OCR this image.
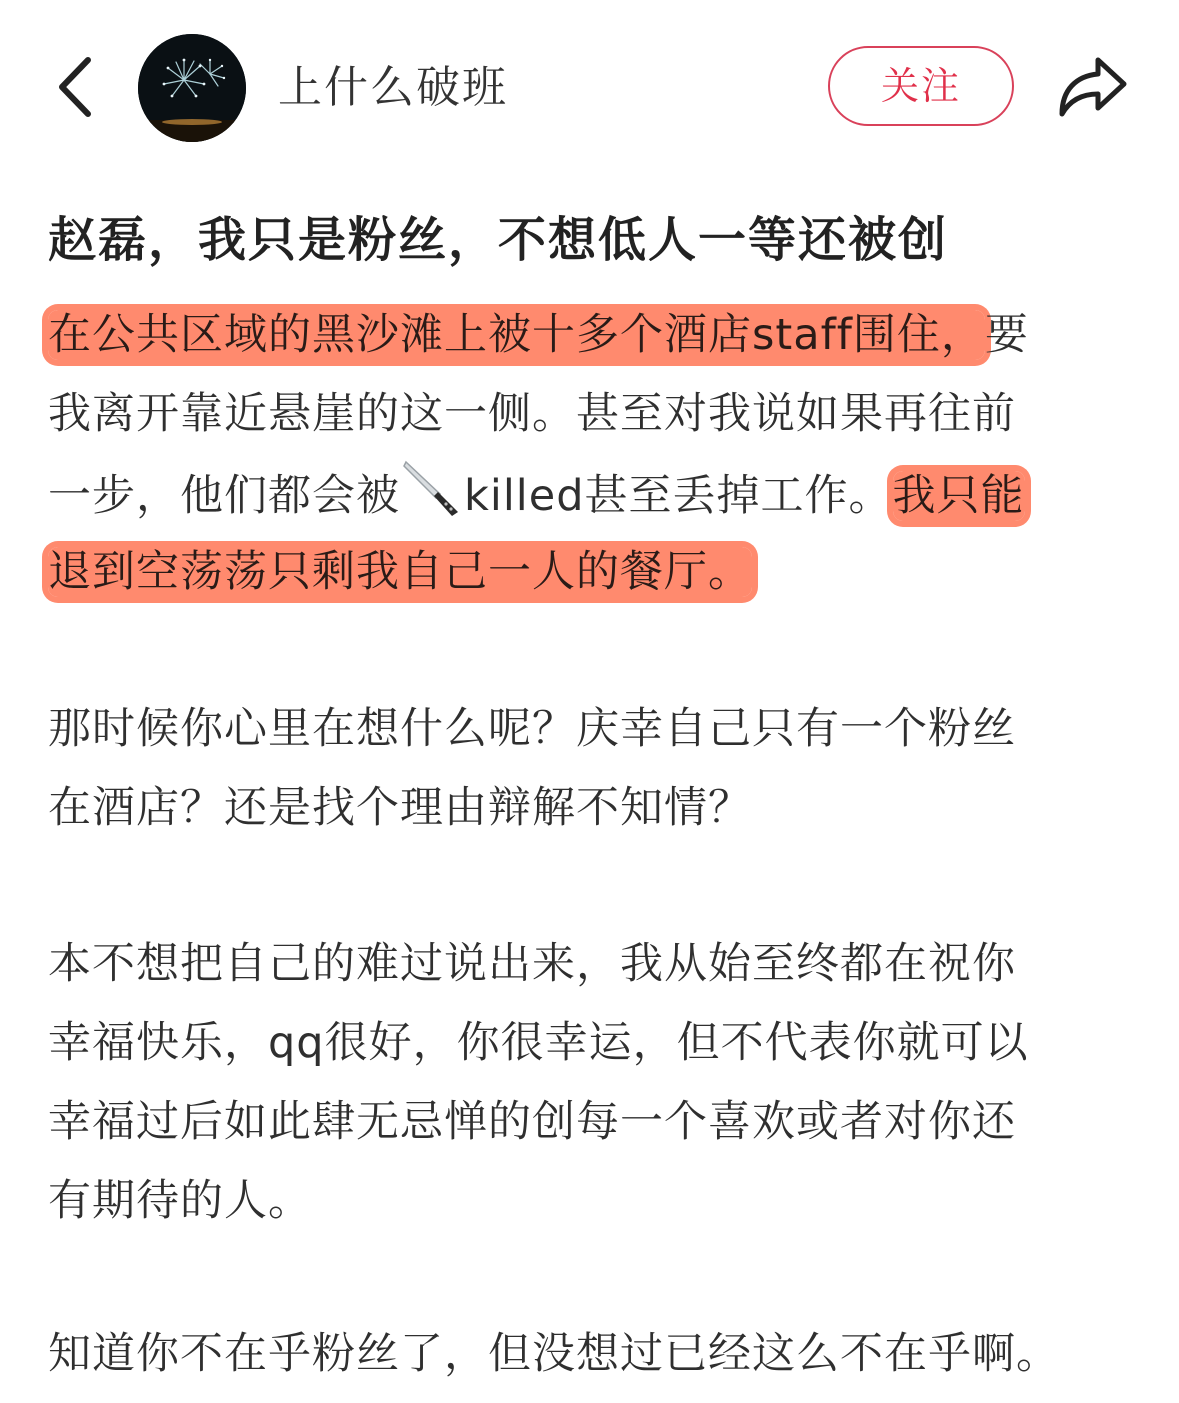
上什么破班	关注
赵磊，我只是粉丝，不想低人一等还被创
在公共区域的黑沙滩上被十多个酒店staff围住，要
我离开靠近悬崖的这一侧。甚至对我说如果再往前
一步，他们都会被 killed甚至丢掉工作。我只能
退到空荡荡只剩我自己一人的餐厅。
那时候你心里在想什么呢？庆幸自己只有一个粉丝
在酒店？还是找个理由辩解不知情？
本不想把自己的难过说出来，我从始至终都在祝你
幸福快乐，qq很好，你很幸运，但不代表你就可以
幸福过后如此肆无忌惮的创每一个喜欢或者对你还
有期待的人。
知道你不在乎粉丝了，但没想过已经这么不在乎啊。
